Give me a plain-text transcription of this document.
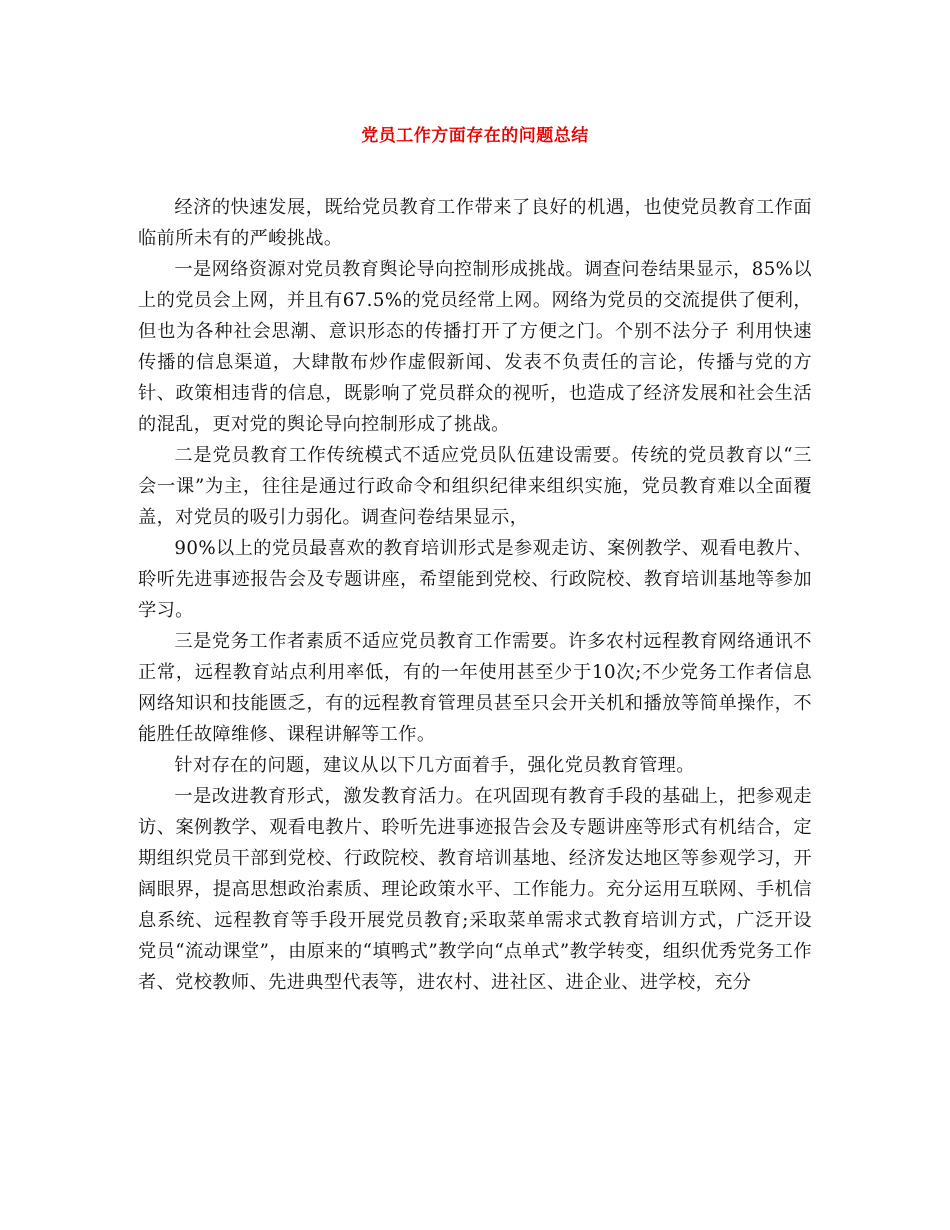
党员工作方面存在的问题总结

经济的快速发展，既给党员教育工作带来了良好的机遇，也使党员教育工作面临前所未有的严峻挑战。

一是网络资源对党员教育舆论导向控制形成挑战。调查问卷结果显示，85%以上的党员会上网，并且有67.5%的党员经常上网。网络为党员的交流提供了便利，但也为各种社会思潮、意识形态的传播打开了方便之门。个别不法分子 利用快速传播的信息渠道，大肆散布炒作虚假新闻、发表不负责任的言论，传播与党的方针、政策相违背的信息，既影响了党员群众的视听，也造成了经济发展和社会生活的混乱，更对党的舆论导向控制形成了挑战。

二是党员教育工作传统模式不适应党员队伍建设需要。传统的党员教育以“三会一课”为主，往往是通过行政命令和组织纪律来组织实施，党员教育难以全面覆盖，对党员的吸引力弱化。调查问卷结果显示，

90%以上的党员最喜欢的教育培训形式是参观走访、案例教学、观看电教片、聆听先进事迹报告会及专题讲座，希望能到党校、行政院校、教育培训基地等参加学习。

三是党务工作者素质不适应党员教育工作需要。许多农村远程教育网络通讯不正常，远程教育站点利用率低，有的一年使用甚至少于10次;不少党务工作者信息网络知识和技能匮乏，有的远程教育管理员甚至只会开关机和播放等简单操作，不能胜任故障维修、课程讲解等工作。

针对存在的问题，建议从以下几方面着手，强化党员教育管理。

一是改进教育形式，激发教育活力。在巩固现有教育手段的基础上，把参观走访、案例教学、观看电教片、聆听先进事迹报告会及专题讲座等形式有机结合，定期组织党员干部到党校、行政院校、教育培训基地、经济发达地区等参观学习，开阔眼界，提高思想政治素质、理论政策水平、工作能力。充分运用互联网、手机信息系统、远程教育等手段开展党员教育;采取菜单需求式教育培训方式，广泛开设党员“流动课堂”，由原来的“填鸭式”教学向“点单式”教学转变，组织优秀党务工作者、党校教师、先进典型代表等，进农村、进社区、进企业、进学校，充分
